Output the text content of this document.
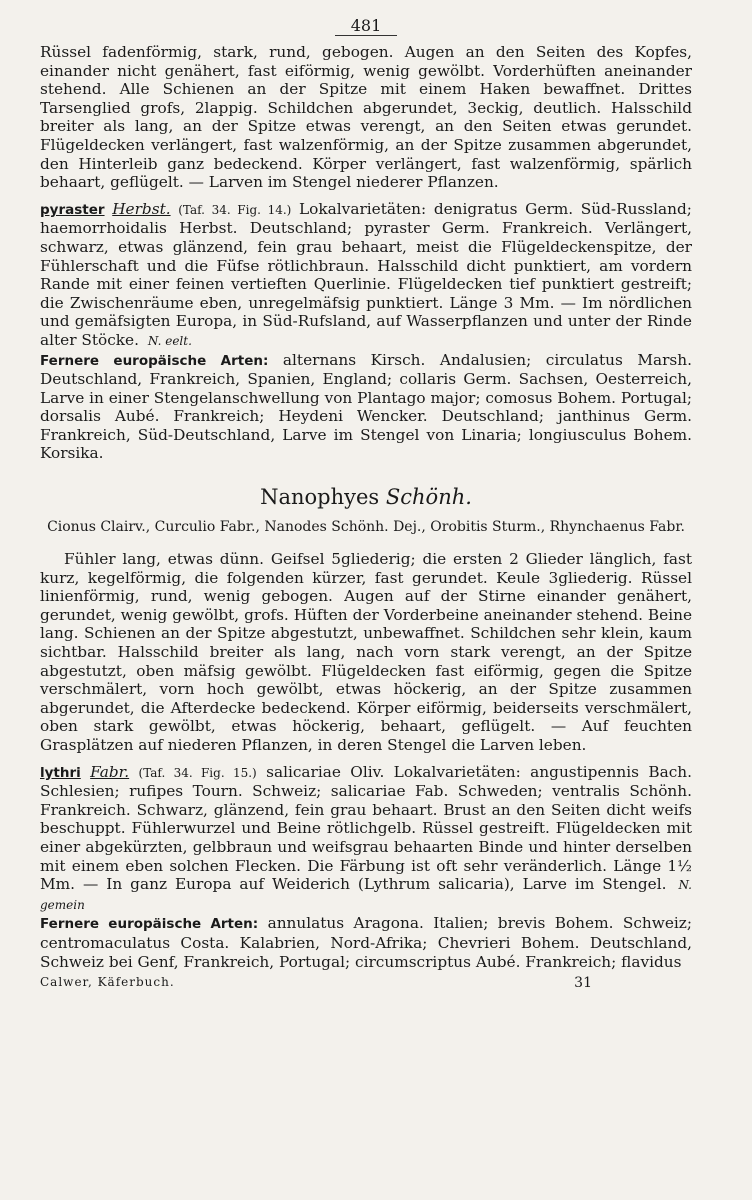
481

Rüssel fadenförmig, stark, rund, gebogen. Augen an den Seiten des Kopfes, einander nicht genähert, fast eiförmig, wenig gewölbt. Vorderhüften aneinander stehend. Alle Schienen an der Spitze mit einem Haken bewaffnet. Drittes Tarsenglied grofs, 2lappig. Schildchen abgerundet, 3eckig, deutlich. Halsschild breiter als lang, an der Spitze etwas verengt, an den Seiten etwas gerundet. Flügeldecken verlängert, fast walzenförmig, an der Spitze zusammen abgerundet, den Hinterleib ganz bedeckend. Körper verlängert, fast walzenförmig, spärlich behaart, geflügelt. — Larven im Stengel niederer Pflanzen.

pyraster Herbst. (Taf. 34. Fig. 14.) Lokalvarietäten: denigratus Germ. Süd-Russland; haemorrhoidalis Herbst. Deutschland; pyraster Germ. Frankreich. Verlängert, schwarz, etwas glänzend, fein grau behaart, meist die Flügeldeckenspitze, der Fühlerschaft und die Füfse rötlichbraun. Halsschild dicht punktiert, am vordern Rande mit einer feinen vertieften Querlinie. Flügeldecken tief punktiert gestreift; die Zwischenräume eben, unregelmäfsig punktiert. Länge 3 Mm. — Im nördlichen und gemäfsigten Europa, in Süd-Rufsland, auf Wasserpflanzen und unter der Rinde alter Stöcke. N. eelt.

Fernere europäische Arten: alternans Kirsch. Andalusien; circulatus Marsh. Deutschland, Frankreich, Spanien, England; collaris Germ. Sachsen, Oesterreich, Larve in einer Stengelanschwellung von Plantago major; comosus Bohem. Portugal; dorsalis Aubé. Frankreich; Heydeni Wencker. Deutschland; janthinus Germ. Frankreich, Süd-Deutschland, Larve im Stengel von Linaria; longiusculus Bohem. Korsika.

Nanophyes Schönh.
Cionus Clairv., Curculio Fabr., Nanodes Schönh. Dej., Orobitis Sturm., Rhynchaenus Fabr.

Fühler lang, etwas dünn. Geifsel 5gliederig; die ersten 2 Glieder länglich, fast kurz, kegelförmig, die folgenden kürzer, fast gerundet. Keule 3gliederig. Rüssel linienförmig, rund, wenig gebogen. Augen auf der Stirne einander genähert, gerundet, wenig gewölbt, grofs. Hüften der Vorderbeine aneinander stehend. Beine lang. Schienen an der Spitze abgestutzt, unbewaffnet. Schildchen sehr klein, kaum sichtbar. Halsschild breiter als lang, nach vorn stark verengt, an der Spitze abgestutzt, oben mäfsig gewölbt. Flügeldecken fast eiförmig, gegen die Spitze verschmälert, vorn hoch gewölbt, etwas höckerig, an der Spitze zusammen abgerundet, die Afterdecke bedeckend. Körper eiförmig, beiderseits verschmälert, oben stark gewölbt, etwas höckerig, behaart, geflügelt. — Auf feuchten Grasplätzen auf niederen Pflanzen, in deren Stengel die Larven leben.

lythri Fabr. (Taf. 34. Fig. 15.) salicariae Oliv. Lokalvarietäten: angustipennis Bach. Schlesien; rufipes Tourn. Schweiz; salicariae Fab. Schweden; ventralis Schönh. Frankreich. Schwarz, glänzend, fein grau behaart. Brust an den Seiten dicht weifs beschuppt. Fühlerwurzel und Beine rötlichgelb. Rüssel gestreift. Flügeldecken mit einer abgekürzten, gelbbraun und weifsgrau behaarten Binde und hinter derselben mit einem eben solchen Flecken. Die Färbung ist oft sehr veränderlich. Länge 1½ Mm. — In ganz Europa auf Weiderich (Lythrum salicaria), Larve im Stengel. N. gemein

Fernere europäische Arten: annulatus Aragona. Italien; brevis Bohem. Schweiz; centromaculatus Costa. Kalabrien, Nord-Afrika; Chevrieri Bohem. Deutschland, Schweiz bei Genf, Frankreich, Portugal; circumscriptus Aubé. Frankreich; flavidus

Calwer, Käferbuch.	31
